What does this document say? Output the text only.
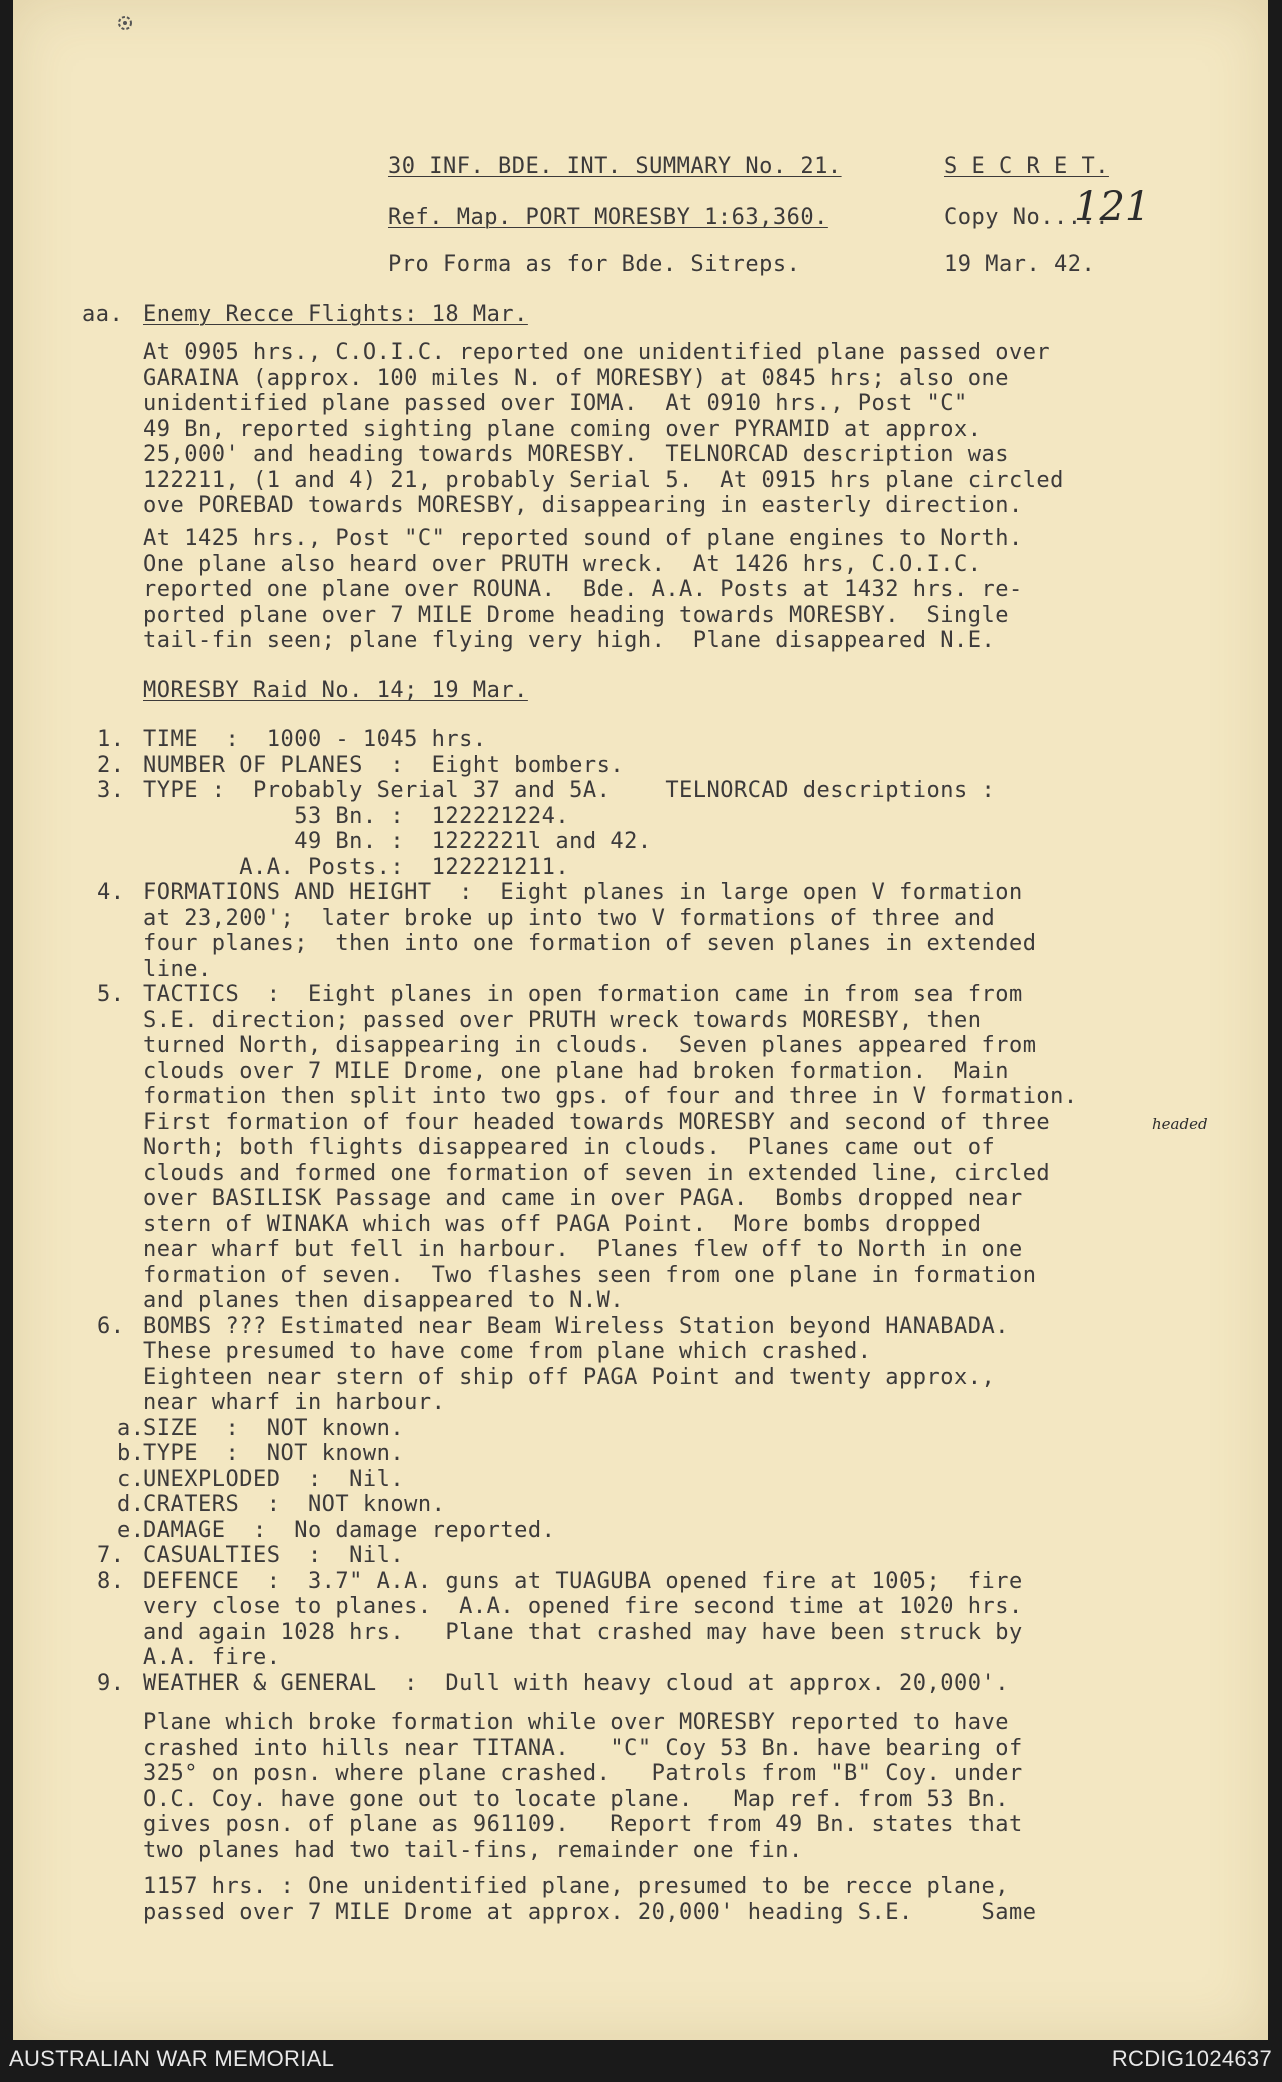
30 INF. BDE. INT. SUMMARY No. 21.	S E C R E T.
Ref. Map. PORT MORESBY 1:63,360.	Copy No.....
121
Pro Forma as for Bde. Sitreps.	19 Mar. 42.
aa. Enemy Recce Flights: 18 Mar.
At 0905 hrs., C.O.I.C. reported one unidentified plane passed over
GARAINA (approx. 100 miles N. of MORESBY) at 0845 hrs; also one
unidentified plane passed over IOMA.  At 0910 hrs., Post "C"
49 Bn, reported sighting plane coming over PYRAMID at approx.
25,000' and heading towards MORESBY.  TELNORCAD description was
122211, (1 and 4) 21, probably Serial 5.  At 0915 hrs plane circled
ove POREBAD towards MORESBY, disappearing in easterly direction.
At 1425 hrs., Post "C" reported sound of plane engines to North.
One plane also heard over PRUTH wreck.  At 1426 hrs, C.O.I.C.
reported one plane over ROUNA.  Bde. A.A. Posts at 1432 hrs. re-
ported plane over 7 MILE Drome heading towards MORESBY.  Single
tail-fin seen; plane flying very high.  Plane disappeared N.E.
MORESBY Raid No. 14; 19 Mar.
1. TIME  :  1000 - 1045 hrs.
2. NUMBER OF PLANES  :  Eight bombers.
3. TYPE :  Probably Serial 37 and 5A.    TELNORCAD descriptions :
53 Bn. :  122221224.
49 Bn. :  1222221l and 42.
A.A. Posts.:  122221211.
4. FORMATIONS AND HEIGHT  :  Eight planes in large open V formation
at 23,200';  later broke up into two V formations of three and
four planes;  then into one formation of seven planes in extended
line.
5. TACTICS  :  Eight planes in open formation came in from sea from
S.E. direction; passed over PRUTH wreck towards MORESBY, then
turned North, disappearing in clouds.  Seven planes appeared from
clouds over 7 MILE Drome, one plane had broken formation.  Main
formation then split into two gps. of four and three in V formation.
First formation of four headed towards MORESBY and second of three
North; both flights disappeared in clouds.  Planes came out of
clouds and formed one formation of seven in extended line, circled
over BASILISK Passage and came in over PAGA.  Bombs dropped near
stern of WINAKA which was off PAGA Point.  More bombs dropped
near wharf but fell in harbour.  Planes flew off to North in one
formation of seven.  Two flashes seen from one plane in formation
and planes then disappeared to N.W.
6. BOMBS ??? Estimated near Beam Wireless Station beyond HANABADA.
These presumed to have come from plane which crashed.
Eighteen near stern of ship off PAGA Point and twenty approx.,
near wharf in harbour.
a.
SIZE  :  NOT known.
b.
TYPE  :  NOT known.
c.
UNEXPLODED  :  Nil.
d.
CRATERS  :  NOT known.
e.
DAMAGE  :  No damage reported.
7. CASUALTIES  :  Nil.
8. DEFENCE  :  3.7" A.A. guns at TUAGUBA opened fire at 1005;  fire
very close to planes.  A.A. opened fire second time at 1020 hrs.
and again 1028 hrs.   Plane that crashed may have been struck by
A.A. fire.
9. WEATHER & GENERAL  :  Dull with heavy cloud at approx. 20,000'.
Plane which broke formation while over MORESBY reported to have
crashed into hills near TITANA.   "C" Coy 53 Bn. have bearing of
325° on posn. where plane crashed.   Patrols from "B" Coy. under
O.C. Coy. have gone out to locate plane.   Map ref. from 53 Bn.
gives posn. of plane as 961109.   Report from 49 Bn. states that
two planes had two tail-fins, remainder one fin.
1157 hrs. : One unidentified plane, presumed to be recce plane,
passed over 7 MILE Drome at approx. 20,000' heading S.E.     Same
headed
AUSTRALIAN WAR MEMORIAL	RCDIG1024637
